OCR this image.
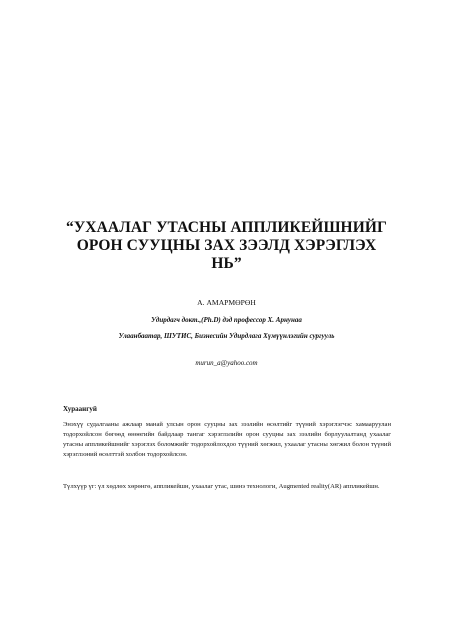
“УХААЛАГ УТАСНЫ АППЛИКЕЙШНИЙГ ОРОН СУУЦНЫ ЗАХ ЗЭЭЛД ХЭРЭГЛЭХ НЬ”
А. АМАРМӨРӨН
Удирдагч докт.,(Ph.D) дэд профессор Х. Арнунаа
Улаанбаатар, ШУТИС, Бизнесийн Удирдлага Хүмүүнлэгийн сургууль
murun_a@yahoo.com
Хураангуй
Энэхүү судалгааны ажлаар манай улсын орон сууцны зах зээлийн өсөлтийг түүний хэрэглэгчэс хамааруулан тодорхойлсон бөгөөд өнөөгийн байдлаар тангаг хэрэглэлийн орон сууцны зах зээлийн борлуулалтанд ухаалаг утасны аппликейшнийг хэрэглэх боломжийг тодорхойлохдоо түүний хөгжил, ухаалаг утасны хөгжил болон түүний хэрэглээний өсөлттэй холбон тодорхойлсон.
Түлхүүр үг: үл хөдлөх хөрөнгө, аппликейшн, ухаалаг утас, шинэ технологи, Augmented reality(AR) аппликейшн.
